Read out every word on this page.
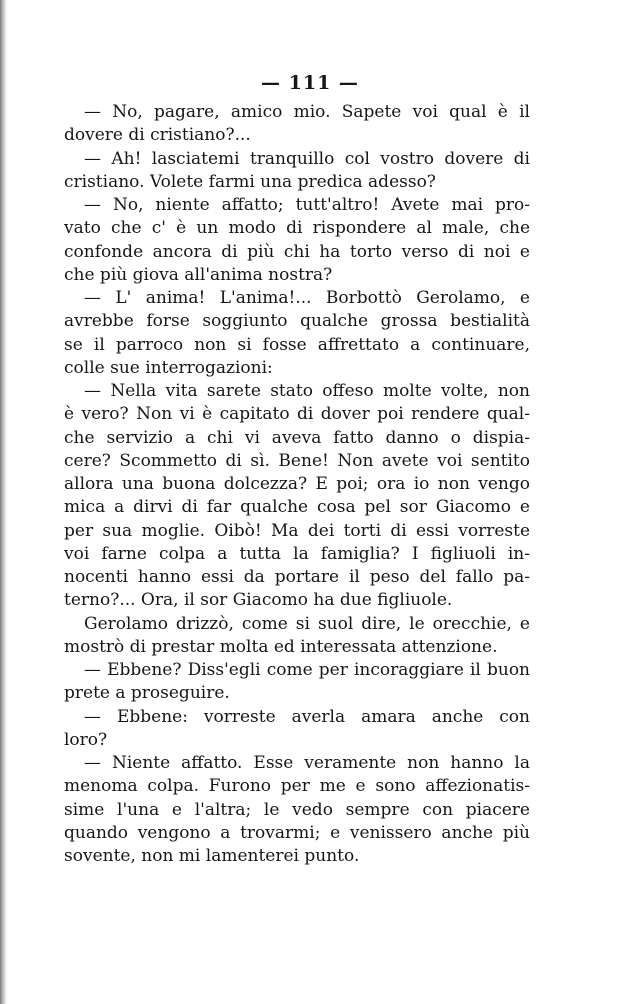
— 111 —
— No, pagare, amico mio. Sapete voi qual è il
dovere di cristiano?...
— Ah! lasciatemi tranquillo col vostro dovere di
cristiano. Volete farmi una predica adesso?
— No, niente affatto; tutt'altro! Avete mai pro-
vato che c' è un modo di rispondere al male, che
confonde ancora di più chi ha torto verso di noi e
che più giova all'anima nostra?
— L' anima! L'anima!... Borbottò Gerolamo, e
avrebbe forse soggiunto qualche grossa bestialità
se il parroco non si fosse affrettato a continuare,
colle sue interrogazioni:
— Nella vita sarete stato offeso molte volte, non
è vero? Non vi è capitato di dover poi rendere qual-
che servizio a chi vi aveva fatto danno o dispia-
cere? Scommetto di sì. Bene! Non avete voi sentito
allora una buona dolcezza? E poi; ora io non vengo
mica a dirvi di far qualche cosa pel sor Giacomo e
per sua moglie. Oibò! Ma dei torti di essi vorreste
voi farne colpa a tutta la famiglia? I figliuoli in-
nocenti hanno essi da portare il peso del fallo pa-
terno?... Ora, il sor Giacomo ha due figliuole.
Gerolamo drizzò, come si suol dire, le orecchie, e
mostrò di prestar molta ed interessata attenzione.
— Ebbene? Diss'egli come per incoraggiare il buon
prete a proseguire.
— Ebbene: vorreste averla amara anche con
loro?
— Niente affatto. Esse veramente non hanno la
menoma colpa. Furono per me e sono affezionatis-
sime l'una e l'altra; le vedo sempre con piacere
quando vengono a trovarmi; e venissero anche più
sovente, non mi lamenterei punto.
